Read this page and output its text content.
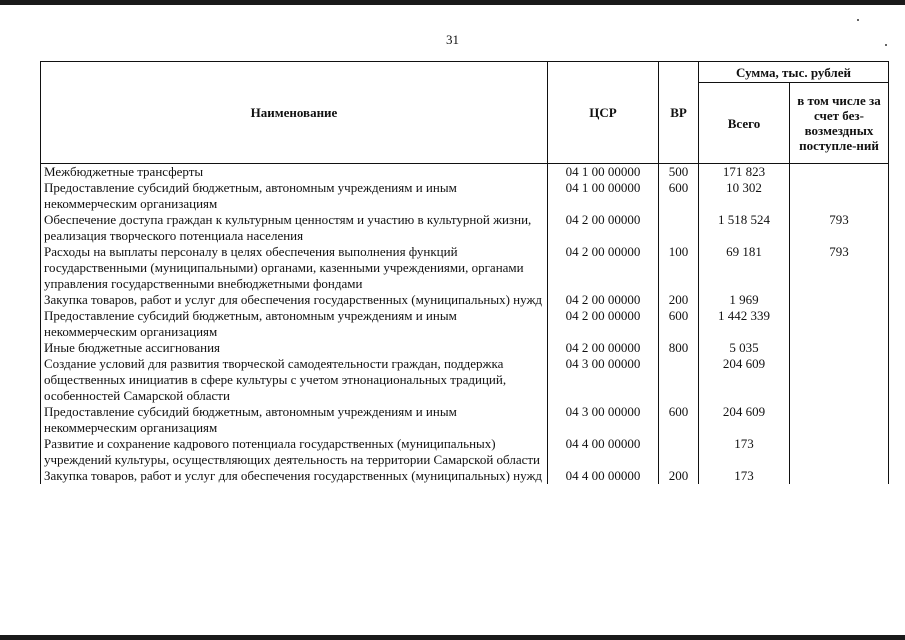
31
Наименование	ЦСР	ВР	Сумма, тыс. рублей	
			Всего	в том числе за счет без-возмездных поступле-ний
Межбюджетные трансферты	04 1 00 00000	500	171 823	
Предоставление субсидий бюджетным, автономным учреждениям и иным некоммерческим организациям	04 1 00 00000	600	10 302	
Обеспечение доступа граждан к культурным ценностям и участию в культурной жизни, реализация творческого потенциала населения	04 2 00 00000		1 518 524	793
Расходы на выплаты персоналу в целях обеспечения выполнения функций государственными (муниципальными) органами, казенными учреждениями, органами управления государственными внебюджетными фондами	04 2 00 00000	100	69 181	793
Закупка товаров, работ и услуг для обеспечения государственных (муниципальных) нужд	04 2 00 00000	200	1 969	
Предоставление субсидий бюджетным, автономным учреждениям и иным некоммерческим организациям	04 2 00 00000	600	1 442 339	
Иные бюджетные ассигнования	04 2 00 00000	800	5 035	
Создание условий для развития творческой самодеятельности граждан, поддержка общественных инициатив в сфере культуры с учетом этнонациональных традиций, особенностей Самарской области	04 3 00 00000		204 609	
Предоставление субсидий бюджетным, автономным учреждениям и иным некоммерческим организациям	04 3 00 00000	600	204 609	
Развитие и сохранение кадрового потенциала государственных (муниципальных) учреждений культуры, осуществляющих деятельность на территории Самарской области	04 4 00 00000		173	
Закупка товаров, работ и услуг для обеспечения государственных (муниципальных) нужд	04 4 00 00000	200	173	
